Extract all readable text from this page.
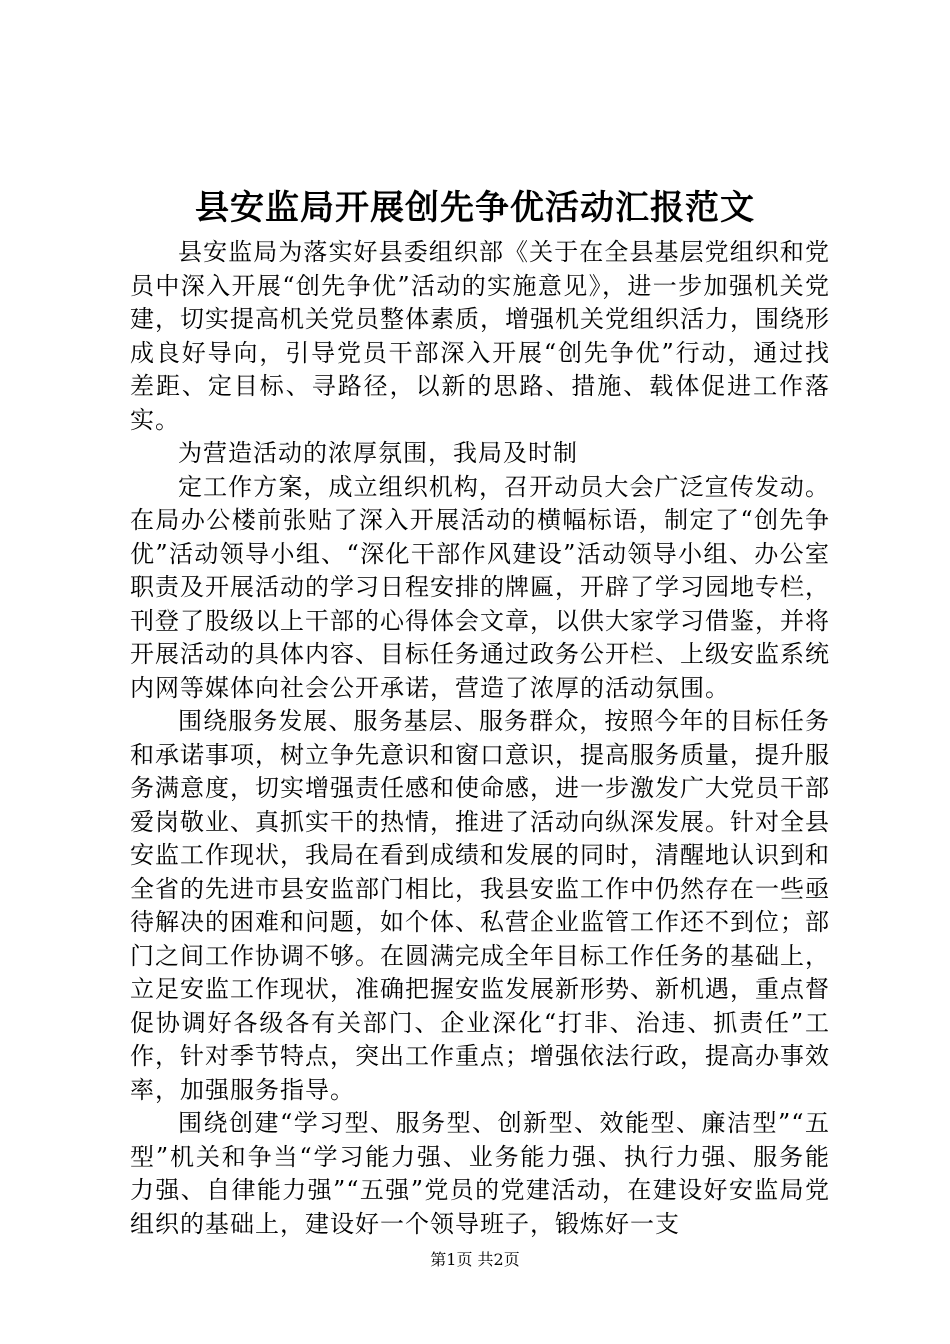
县安监局开展创先争优活动汇报范文

县安监局为落实好县委组织部《关于在全县基层党组织和党员中深入开展“创先争优”活动的实施意见》，进一步加强机关党建，切实提高机关党员整体素质，增强机关党组织活力，围绕形成良好导向，引导党员干部深入开展“创先争优”行动，通过找差距、定目标、寻路径，以新的思路、措施、载体促进工作落实。

为营造活动的浓厚氛围，我局及时制

定工作方案，成立组织机构，召开动员大会广泛宣传发动。在局办公楼前张贴了深入开展活动的横幅标语，制定了“创先争优”活动领导小组、“深化干部作风建设”活动领导小组、办公室职责及开展活动的学习日程安排的牌匾，开辟了学习园地专栏，刊登了股级以上干部的心得体会文章，以供大家学习借鉴，并将开展活动的具体内容、目标任务通过政务公开栏、上级安监系统内网等媒体向社会公开承诺，营造了浓厚的活动氛围。

围绕服务发展、服务基层、服务群众，按照今年的目标任务和承诺事项，树立争先意识和窗口意识，提高服务质量，提升服务满意度，切实增强责任感和使命感，进一步激发广大党员干部爱岗敬业、真抓实干的热情，推进了活动向纵深发展。针对全县安监工作现状，我局在看到成绩和发展的同时，清醒地认识到和全省的先进市县安监部门相比，我县安监工作中仍然存在一些亟待解决的困难和问题，如个体、私营企业监管工作还不到位；部门之间工作协调不够。在圆满完成全年目标工作任务的基础上，立足安监工作现状，准确把握安监发展新形势、新机遇，重点督促协调好各级各有关部门、企业深化“打非、治违、抓责任”工作，针对季节特点，突出工作重点；增强依法行政，提高办事效率，加强服务指导。

围绕创建“学习型、服务型、创新型、效能型、廉洁型”“五型”机关和争当“学习能力强、业务能力强、执行力强、服务能力强、自律能力强”“五强”党员的党建活动，在建设好安监局党组织的基础上，建设好一个领导班子，锻炼好一支

第1页 共2页
